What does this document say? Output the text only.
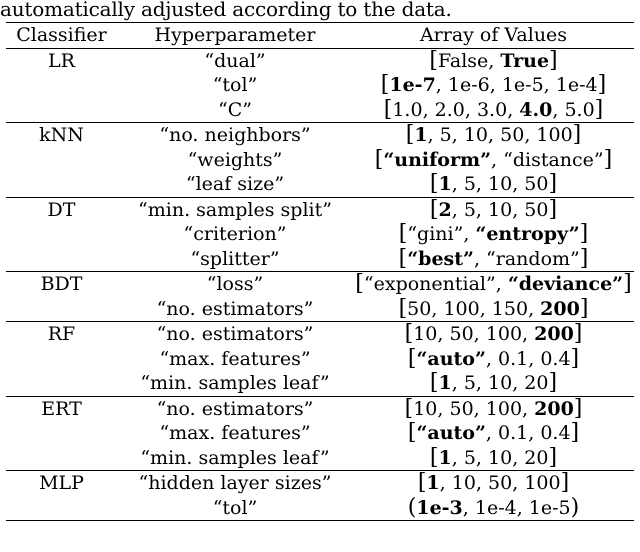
automatically adjusted according to the data.
Classifier	Hyperparameter	Array of Values
LR	“dual”	[False, True]
	“tol”	[1e-7, 1e-6, 1e-5, 1e-4]
	“C”	[1.0, 2.0, 3.0, 4.0, 5.0]
kNN	“no. neighbors”	[1, 5, 10, 50, 100]
	“weights”	[“uniform”, “distance”]
	“leaf size”	[1, 5, 10, 50]
DT	“min. samples split”	[2, 5, 10, 50]
	“criterion”	[“gini”, “entropy”]
	“splitter”	[“best”, “random”]
BDT	“loss”	[“exponential”, “deviance”]
	“no. estimators”	[50, 100, 150, 200]
RF	“no. estimators”	[10, 50, 100, 200]
	“max. features”	[“auto”, 0.1, 0.4]
	“min. samples leaf”	[1, 5, 10, 20]
ERT	“no. estimators”	[10, 50, 100, 200]
	“max. features”	[“auto”, 0.1, 0.4]
	“min. samples leaf”	[1, 5, 10, 20]
MLP	“hidden layer sizes”	[1, 10, 50, 100]
	“tol”	(1e-3, 1e-4, 1e-5)
